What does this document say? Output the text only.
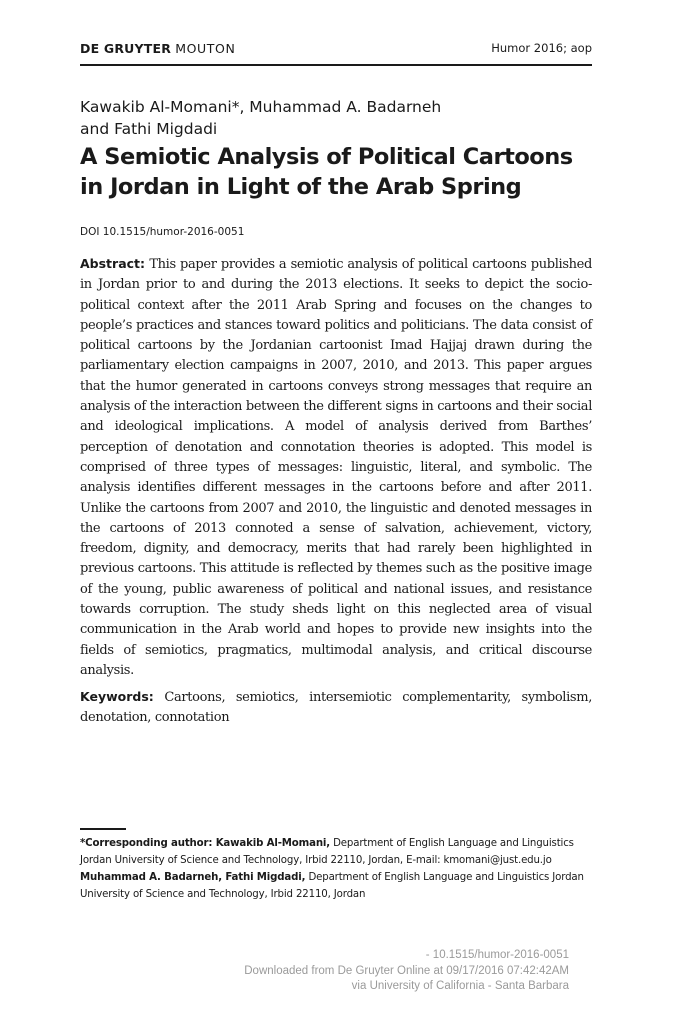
DE GRUYTER MOUTON	Humor 2016; aop
Kawakib Al-Momani*, Muhammad A. Badarneh
and Fathi Migdadi
A Semiotic Analysis of Political Cartoons
in Jordan in Light of the Arab Spring
DOI 10.1515/humor-2016-0051

Abstract: This paper provides a semiotic analysis of political cartoons published in Jordan prior to and during the 2013 elections. It seeks to depict the socio-political context after the 2011 Arab Spring and focuses on the changes to people’s practices and stances toward politics and politicians. The data consist of political cartoons by the Jordanian cartoonist Imad Hajjaj drawn during the parliamentary election campaigns in 2007, 2010, and 2013. This paper argues that the humor generated in cartoons conveys strong messages that require an analysis of the interaction between the different signs in cartoons and their social and ideological implications. A model of analysis derived from Barthes’ perception of denotation and connotation theories is adopted. This model is comprised of three types of messages: linguistic, literal, and symbolic. The analysis identifies different messages in the cartoons before and after 2011. Unlike the cartoons from 2007 and 2010, the linguistic and denoted messages in the cartoons of 2013 connoted a sense of salvation, achievement, victory, freedom, dignity, and democracy, merits that had rarely been highlighted in previous cartoons. This attitude is reflected by themes such as the positive image of the young, public awareness of political and national issues, and resistance towards corruption. The study sheds light on this neglected area of visual communication in the Arab world and hopes to provide new insights into the fields of semiotics, pragmatics, multimodal analysis, and critical discourse analysis.

Keywords: Cartoons, semiotics, intersemiotic complementarity, symbolism, denotation, connotation

*Corresponding author: Kawakib Al-Momani, Department of English Language and Linguistics Jordan University of Science and Technology, Irbid 22110, Jordan, E-mail: kmomani@just.edu.jo
Muhammad A. Badarneh, Fathi Migdadi, Department of English Language and Linguistics Jordan University of Science and Technology, Irbid 22110, Jordan

- 10.1515/humor-2016-0051
Downloaded from De Gruyter Online at 09/17/2016 07:42:42AM
via University of California - Santa Barbara
